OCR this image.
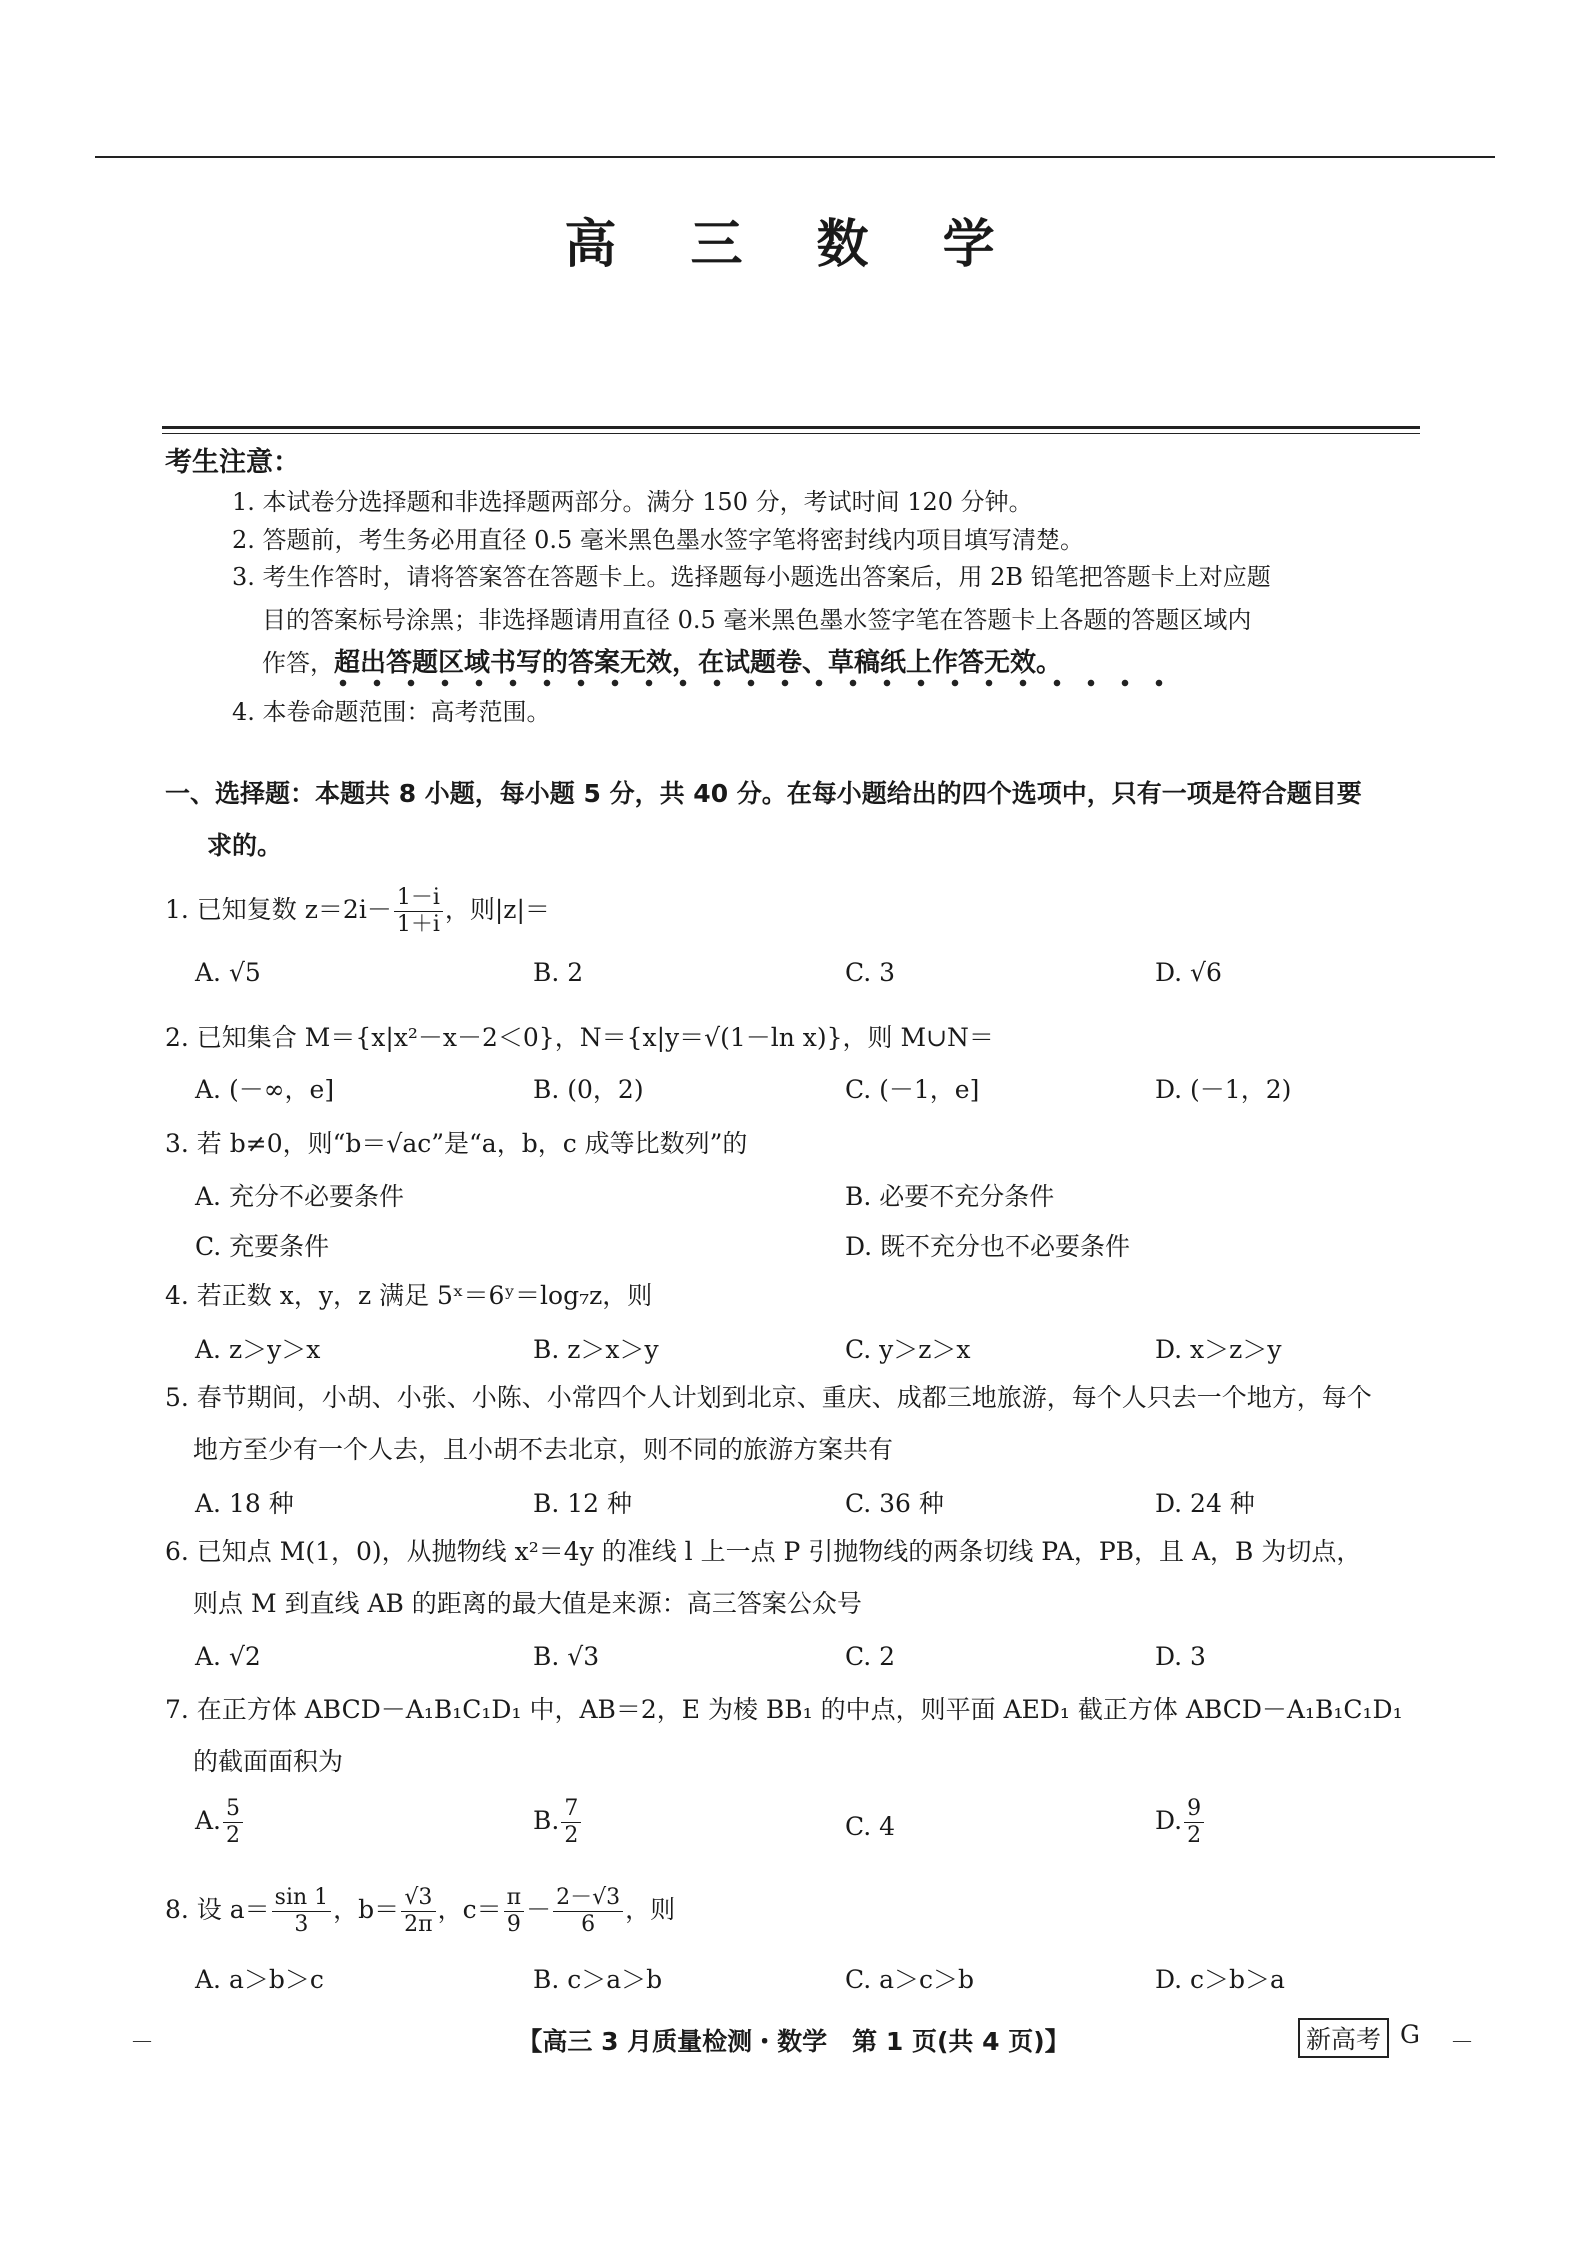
高 三 数 学
考生注意：
1. 本试卷分选择题和非选择题两部分。满分 150 分，考试时间 120 分钟。
2. 答题前，考生务必用直径 0.5 毫米黑色墨水签字笔将密封线内项目填写清楚。
3. 考生作答时，请将答案答在答题卡上。选择题每小题选出答案后，用 2B 铅笔把答题卡上对应题
目的答案标号涂黑；非选择题请用直径 0.5 毫米黑色墨水签字笔在答题卡上各题的答题区域内
作答，超出答题区域书写的答案无效，在试题卷、草稿纸上作答无效。
4. 本卷命题范围：高考范围。
一、选择题：本题共 8 小题，每小题 5 分，共 40 分。在每小题给出的四个选项中，只有一项是符合题目要
求的。
1. 已知复数 $z=2i- \frac{1-i}{1+i}$ ，则|z|＝
A. √5	B. 2	C. 3	D. √6
2. 已知集合 M＝{x|x²－x－2＜0}，N＝{x|y＝√(1－ln x)}，则 M∪N＝
A. (－∞，e]	B. (0，2)	C. (－1，e]	D. (－1，2)
3. 若 b≠0，则“b＝√ac”是“a，b，c 成等比数列”的
A. 充分不必要条件	B. 必要不充分条件
C. 充要条件	D. 既不充分也不必要条件
4. 若正数 x，y，z 满足 5ˣ＝6ʸ＝log₇z，则
A. z＞y＞x	B. z＞x＞y	C. y＞z＞x	D. x＞z＞y
5. 春节期间，小胡、小张、小陈、小常四个人计划到北京、重庆、成都三地旅游，每个人只去一个地方，每个
地方至少有一个人去，且小胡不去北京，则不同的旅游方案共有
A. 18 种	B. 12 种	C. 36 种	D. 24 种
6. 已知点 M(1，0)，从抛物线 x²＝4y 的准线 l 上一点 P 引抛物线的两条切线 PA，PB，且 A，B 为切点，
则点 M 到直线 AB 的距离的最大值是来源：高三答案公众号
A. √2	B. √3	C. 2	D. 3
7. 在正方体 ABCD－A₁B₁C₁D₁ 中，AB＝2，E 为棱 BB₁ 的中点，则平面 AED₁ 截正方体 ABCD－A₁B₁C₁D₁
的截面面积为
A. $\frac{5}{2}$	B. $\frac{7}{2}$	C. 4	D. $\frac{9}{2}$
8. 设 $a= \frac{\sin 1}{3}$ ，$b= \frac{√3}{2\pi}$ ，$c= \frac{\pi}{9} - \frac{2-√3}{6}$ ，则
A. a＞b＞c	B. c＞a＞b	C. a＞c＞b	D. c＞b＞a
－	【高三 3 月质量检测・数学　第 1 页(共 4 页)】	新高考 G －
